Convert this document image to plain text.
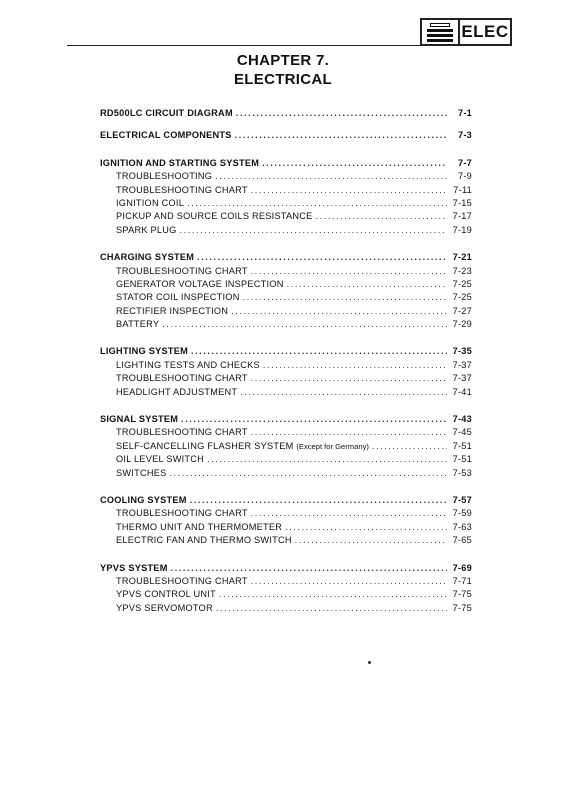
ELEC
CHAPTER 7.
ELECTRICAL
RD500LC CIRCUIT DIAGRAM .....	7-1
ELECTRICAL COMPONENTS .....	7-3
IGNITION AND STARTING SYSTEM .....	7-7
TROUBLESHOOTING .....	7-9
TROUBLESHOOTING CHART .....	7-11
IGNITION COIL .....	7-15
PICKUP AND SOURCE COILS RESISTANCE .....	7-17
SPARK PLUG .....	7-19
CHARGING SYSTEM .....	7-21
TROUBLESHOOTING CHART .....	7-23
GENERATOR VOLTAGE INSPECTION .....	7-25
STATOR COIL INSPECTION .....	7-25
RECTIFIER INSPECTION .....	7-27
BATTERY .....	7-29
LIGHTING SYSTEM .....	7-35
LIGHTING TESTS AND CHECKS .....	7-37
TROUBLESHOOTING CHART .....	7-37
HEADLIGHT ADJUSTMENT .....	7-41
SIGNAL SYSTEM .....	7-43
TROUBLESHOOTING CHART .....	7-45
SELF-CANCELLING FLASHER SYSTEM (Except for Germany) .....	7-51
OIL LEVEL SWITCH .....	7-51
SWITCHES .....	7-53
COOLING SYSTEM .....	7-57
TROUBLESHOOTING CHART .....	7-59
THERMO UNIT AND THERMOMETER .....	7-63
ELECTRIC FAN AND THERMO SWITCH .....	7-65
YPVS SYSTEM .....	7-69
TROUBLESHOOTING CHART .....	7-71
YPVS CONTROL UNIT .....	7-75
YPVS SERVOMOTOR .....	7-75
